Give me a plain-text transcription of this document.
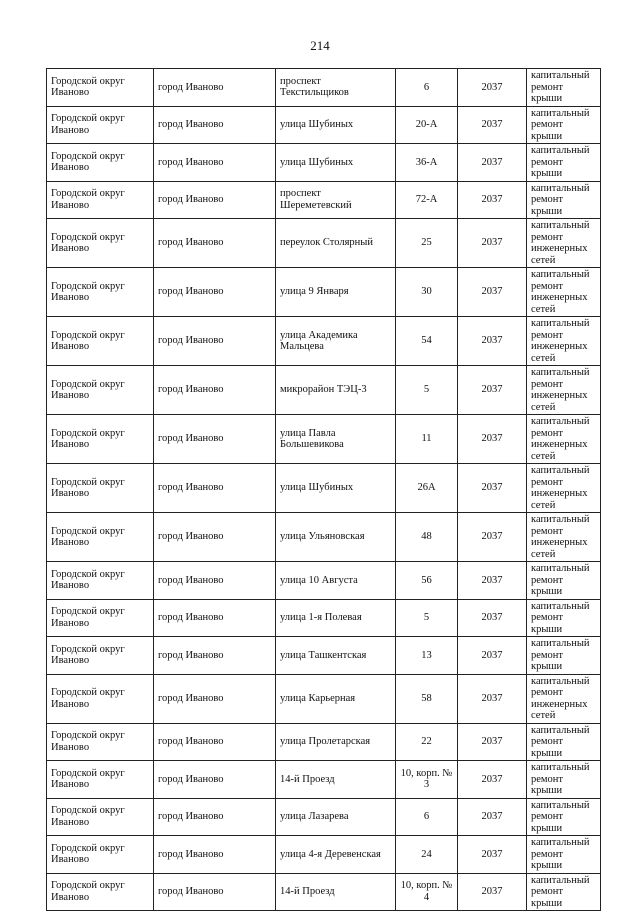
214
Городской округ Иваново	город Иваново	проспект Текстильщиков	6	2037	капитальный ремонт крыши
Городской округ Иваново	город Иваново	улица Шубиных	20-А	2037	капитальный ремонт крыши
Городской округ Иваново	город Иваново	улица Шубиных	36-А	2037	капитальный ремонт крыши
Городской округ Иваново	город Иваново	проспект Шереметевский	72-А	2037	капитальный ремонт крыши
Городской округ Иваново	город Иваново	переулок Столярный	25	2037	капитальный ремонт инженерных сетей
Городской округ Иваново	город Иваново	улица 9 Января	30	2037	капитальный ремонт инженерных сетей
Городской округ Иваново	город Иваново	улица Академика Мальцева	54	2037	капитальный ремонт инженерных сетей
Городской округ Иваново	город Иваново	микрорайон ТЭЦ-3	5	2037	капитальный ремонт инженерных сетей
Городской округ Иваново	город Иваново	улица Павла Большевикова	11	2037	капитальный ремонт инженерных сетей
Городской округ Иваново	город Иваново	улица Шубиных	26А	2037	капитальный ремонт инженерных сетей
Городской округ Иваново	город Иваново	улица Ульяновская	48	2037	капитальный ремонт инженерных сетей
Городской округ Иваново	город Иваново	улица 10 Августа	56	2037	капитальный ремонт крыши
Городской округ Иваново	город Иваново	улица 1-я Полевая	5	2037	капитальный ремонт крыши
Городской округ Иваново	город Иваново	улица Ташкентская	13	2037	капитальный ремонт крыши
Городской округ Иваново	город Иваново	улица Карьерная	58	2037	капитальный ремонт инженерных сетей
Городской округ Иваново	город Иваново	улица Пролетарская	22	2037	капитальный ремонт крыши
Городской округ Иваново	город Иваново	14-й Проезд	10, корп. № 3	2037	капитальный ремонт крыши
Городской округ Иваново	город Иваново	улица Лазарева	6	2037	капитальный ремонт крыши
Городской округ Иваново	город Иваново	улица 4-я Деревенская	24	2037	капитальный ремонт крыши
Городской округ Иваново	город Иваново	14-й Проезд	10, корп. № 4	2037	капитальный ремонт крыши
